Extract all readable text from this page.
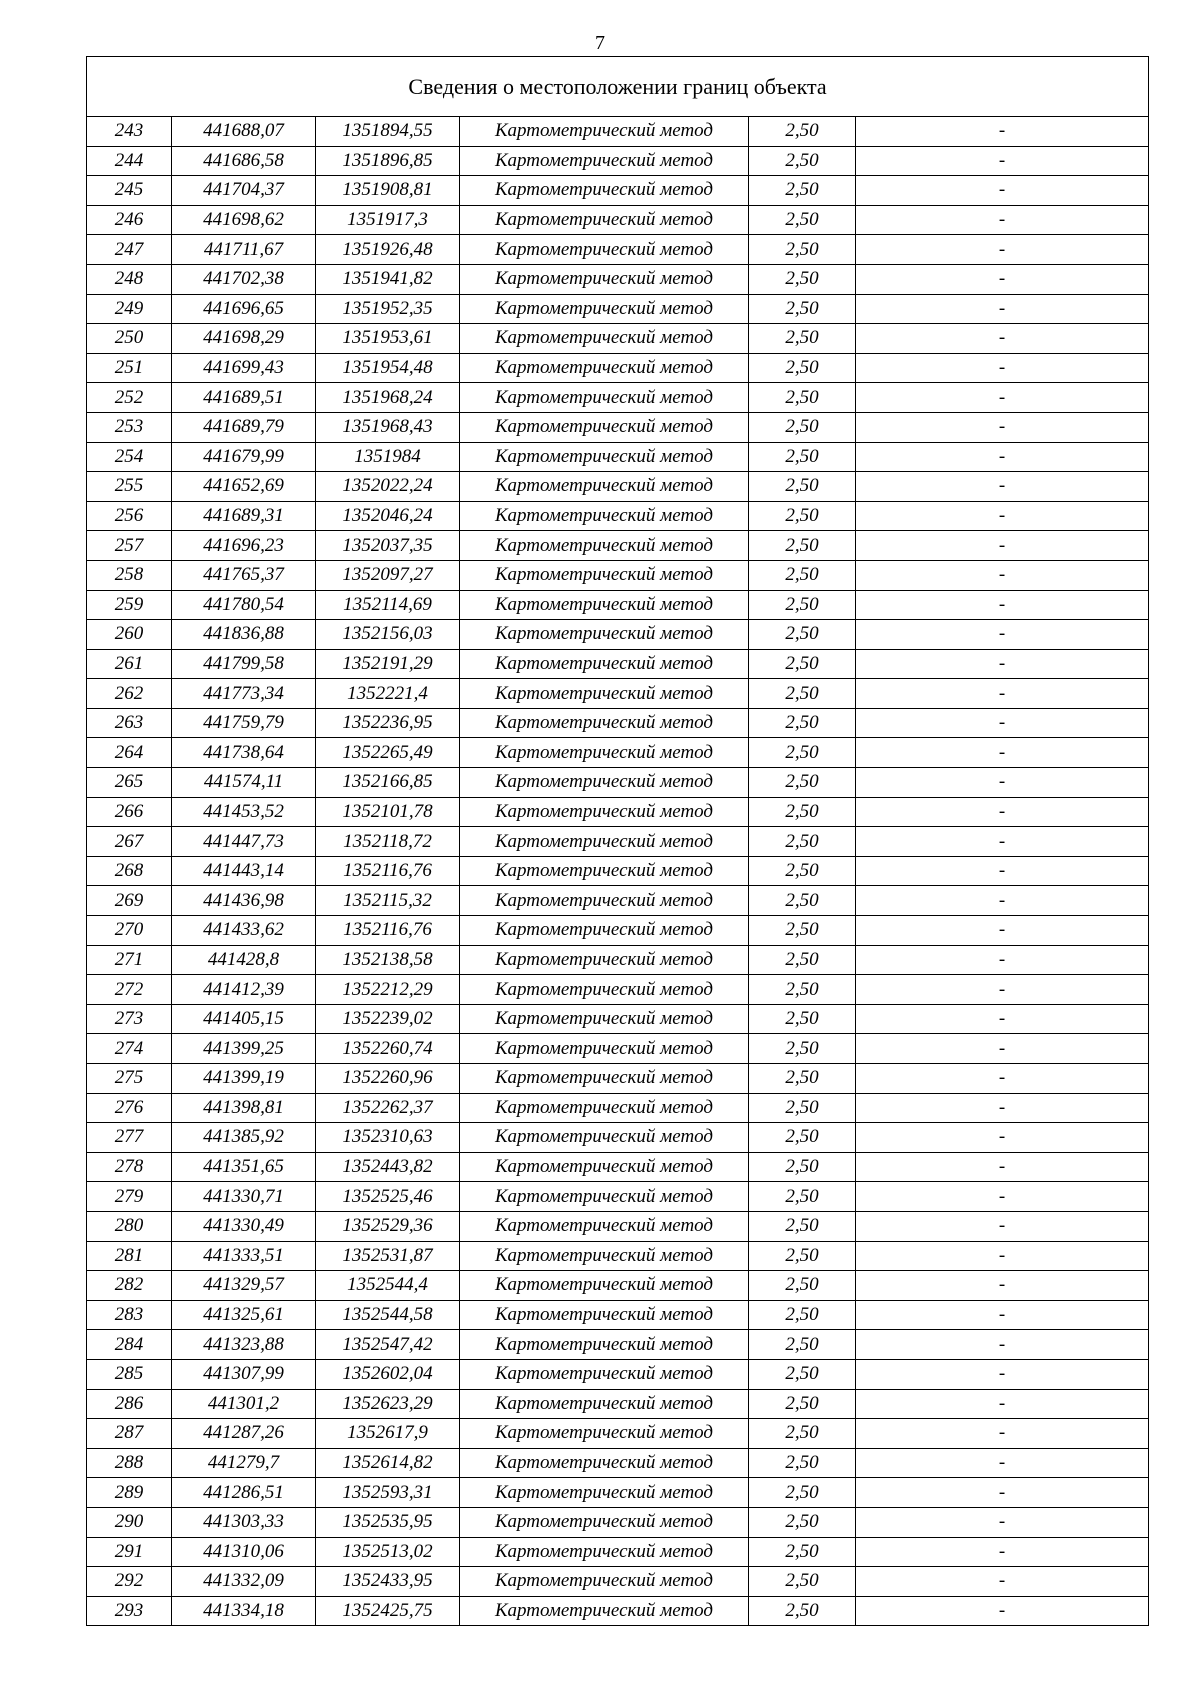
7
Сведения о местоположении границ объекта					
243	441688,07	1351894,55	Картометрический метод	2,50	-
244	441686,58	1351896,85	Картометрический метод	2,50	-
245	441704,37	1351908,81	Картометрический метод	2,50	-
246	441698,62	1351917,3	Картометрический метод	2,50	-
247	441711,67	1351926,48	Картометрический метод	2,50	-
248	441702,38	1351941,82	Картометрический метод	2,50	-
249	441696,65	1351952,35	Картометрический метод	2,50	-
250	441698,29	1351953,61	Картометрический метод	2,50	-
251	441699,43	1351954,48	Картометрический метод	2,50	-
252	441689,51	1351968,24	Картометрический метод	2,50	-
253	441689,79	1351968,43	Картометрический метод	2,50	-
254	441679,99	1351984	Картометрический метод	2,50	-
255	441652,69	1352022,24	Картометрический метод	2,50	-
256	441689,31	1352046,24	Картометрический метод	2,50	-
257	441696,23	1352037,35	Картометрический метод	2,50	-
258	441765,37	1352097,27	Картометрический метод	2,50	-
259	441780,54	1352114,69	Картометрический метод	2,50	-
260	441836,88	1352156,03	Картометрический метод	2,50	-
261	441799,58	1352191,29	Картометрический метод	2,50	-
262	441773,34	1352221,4	Картометрический метод	2,50	-
263	441759,79	1352236,95	Картометрический метод	2,50	-
264	441738,64	1352265,49	Картометрический метод	2,50	-
265	441574,11	1352166,85	Картометрический метод	2,50	-
266	441453,52	1352101,78	Картометрический метод	2,50	-
267	441447,73	1352118,72	Картометрический метод	2,50	-
268	441443,14	1352116,76	Картометрический метод	2,50	-
269	441436,98	1352115,32	Картометрический метод	2,50	-
270	441433,62	1352116,76	Картометрический метод	2,50	-
271	441428,8	1352138,58	Картометрический метод	2,50	-
272	441412,39	1352212,29	Картометрический метод	2,50	-
273	441405,15	1352239,02	Картометрический метод	2,50	-
274	441399,25	1352260,74	Картометрический метод	2,50	-
275	441399,19	1352260,96	Картометрический метод	2,50	-
276	441398,81	1352262,37	Картометрический метод	2,50	-
277	441385,92	1352310,63	Картометрический метод	2,50	-
278	441351,65	1352443,82	Картометрический метод	2,50	-
279	441330,71	1352525,46	Картометрический метод	2,50	-
280	441330,49	1352529,36	Картометрический метод	2,50	-
281	441333,51	1352531,87	Картометрический метод	2,50	-
282	441329,57	1352544,4	Картометрический метод	2,50	-
283	441325,61	1352544,58	Картометрический метод	2,50	-
284	441323,88	1352547,42	Картометрический метод	2,50	-
285	441307,99	1352602,04	Картометрический метод	2,50	-
286	441301,2	1352623,29	Картометрический метод	2,50	-
287	441287,26	1352617,9	Картометрический метод	2,50	-
288	441279,7	1352614,82	Картометрический метод	2,50	-
289	441286,51	1352593,31	Картометрический метод	2,50	-
290	441303,33	1352535,95	Картометрический метод	2,50	-
291	441310,06	1352513,02	Картометрический метод	2,50	-
292	441332,09	1352433,95	Картометрический метод	2,50	-
293	441334,18	1352425,75	Картометрический метод	2,50	-
